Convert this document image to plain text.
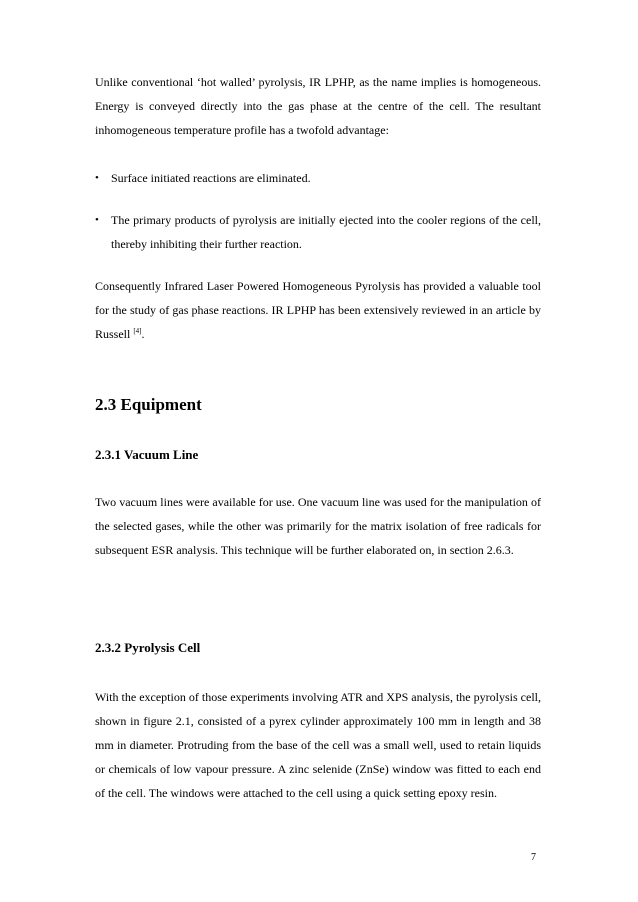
Unlike conventional ‘hot walled’ pyrolysis, IR LPHP, as the name implies is homogeneous. Energy is conveyed directly into the gas phase at the centre of the cell. The resultant inhomogeneous temperature profile has a twofold advantage:

•	Surface initiated reactions are eliminated.
•	The primary products of pyrolysis are initially ejected into the cooler regions of the cell, thereby inhibiting their further reaction.

Consequently Infrared Laser Powered Homogeneous Pyrolysis has provided a valuable tool for the study of gas phase reactions. IR LPHP has been extensively reviewed in an article by Russell [4].

2.3 Equipment
2.3.1 Vacuum Line

Two vacuum lines were available for use. One vacuum line was used for the manipulation of the selected gases, while the other was primarily for the matrix isolation of free radicals for subsequent ESR analysis. This technique will be further elaborated on, in section 2.6.3.

2.3.2 Pyrolysis Cell

With the exception of those experiments involving ATR and XPS analysis, the pyrolysis cell, shown in figure 2.1, consisted of a pyrex cylinder approximately 100 mm in length and 38 mm in diameter. Protruding from the base of the cell was a small well, used to retain liquids or chemicals of low vapour pressure. A zinc selenide (ZnSe) window was fitted to each end of the cell. The windows were attached to the cell using a quick setting epoxy resin.

7
